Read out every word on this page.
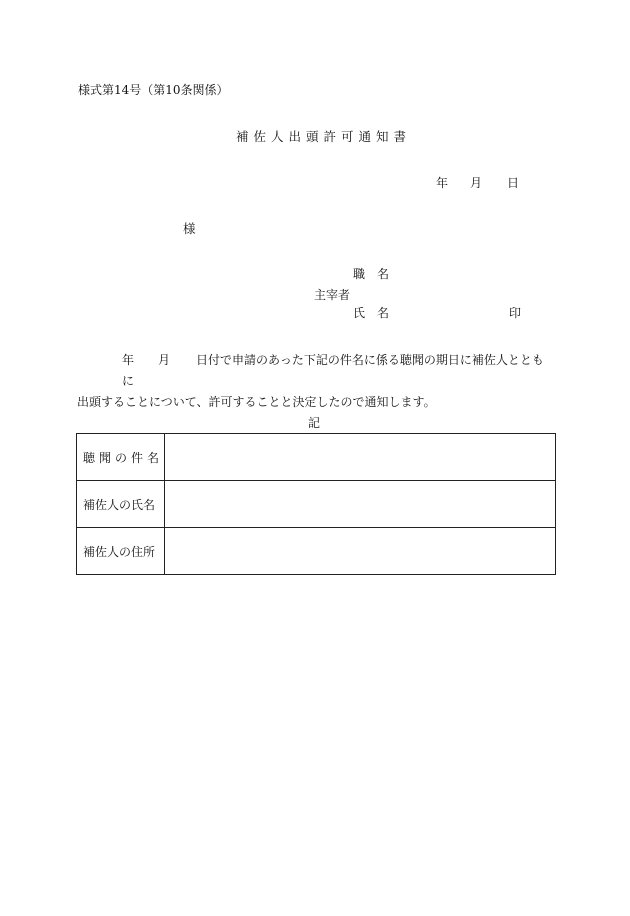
様式第14号（第10条関係）
補佐人出頭許可通知書
年 月 日
様
職名
主宰者
氏名	印
年 月 日付で申請のあった下記の件名に係る聴聞の期日に補佐人とともに
出頭することについて、許可することと決定したので通知します。
記
聴聞の件名	
補佐人の氏名	
補佐人の住所	
